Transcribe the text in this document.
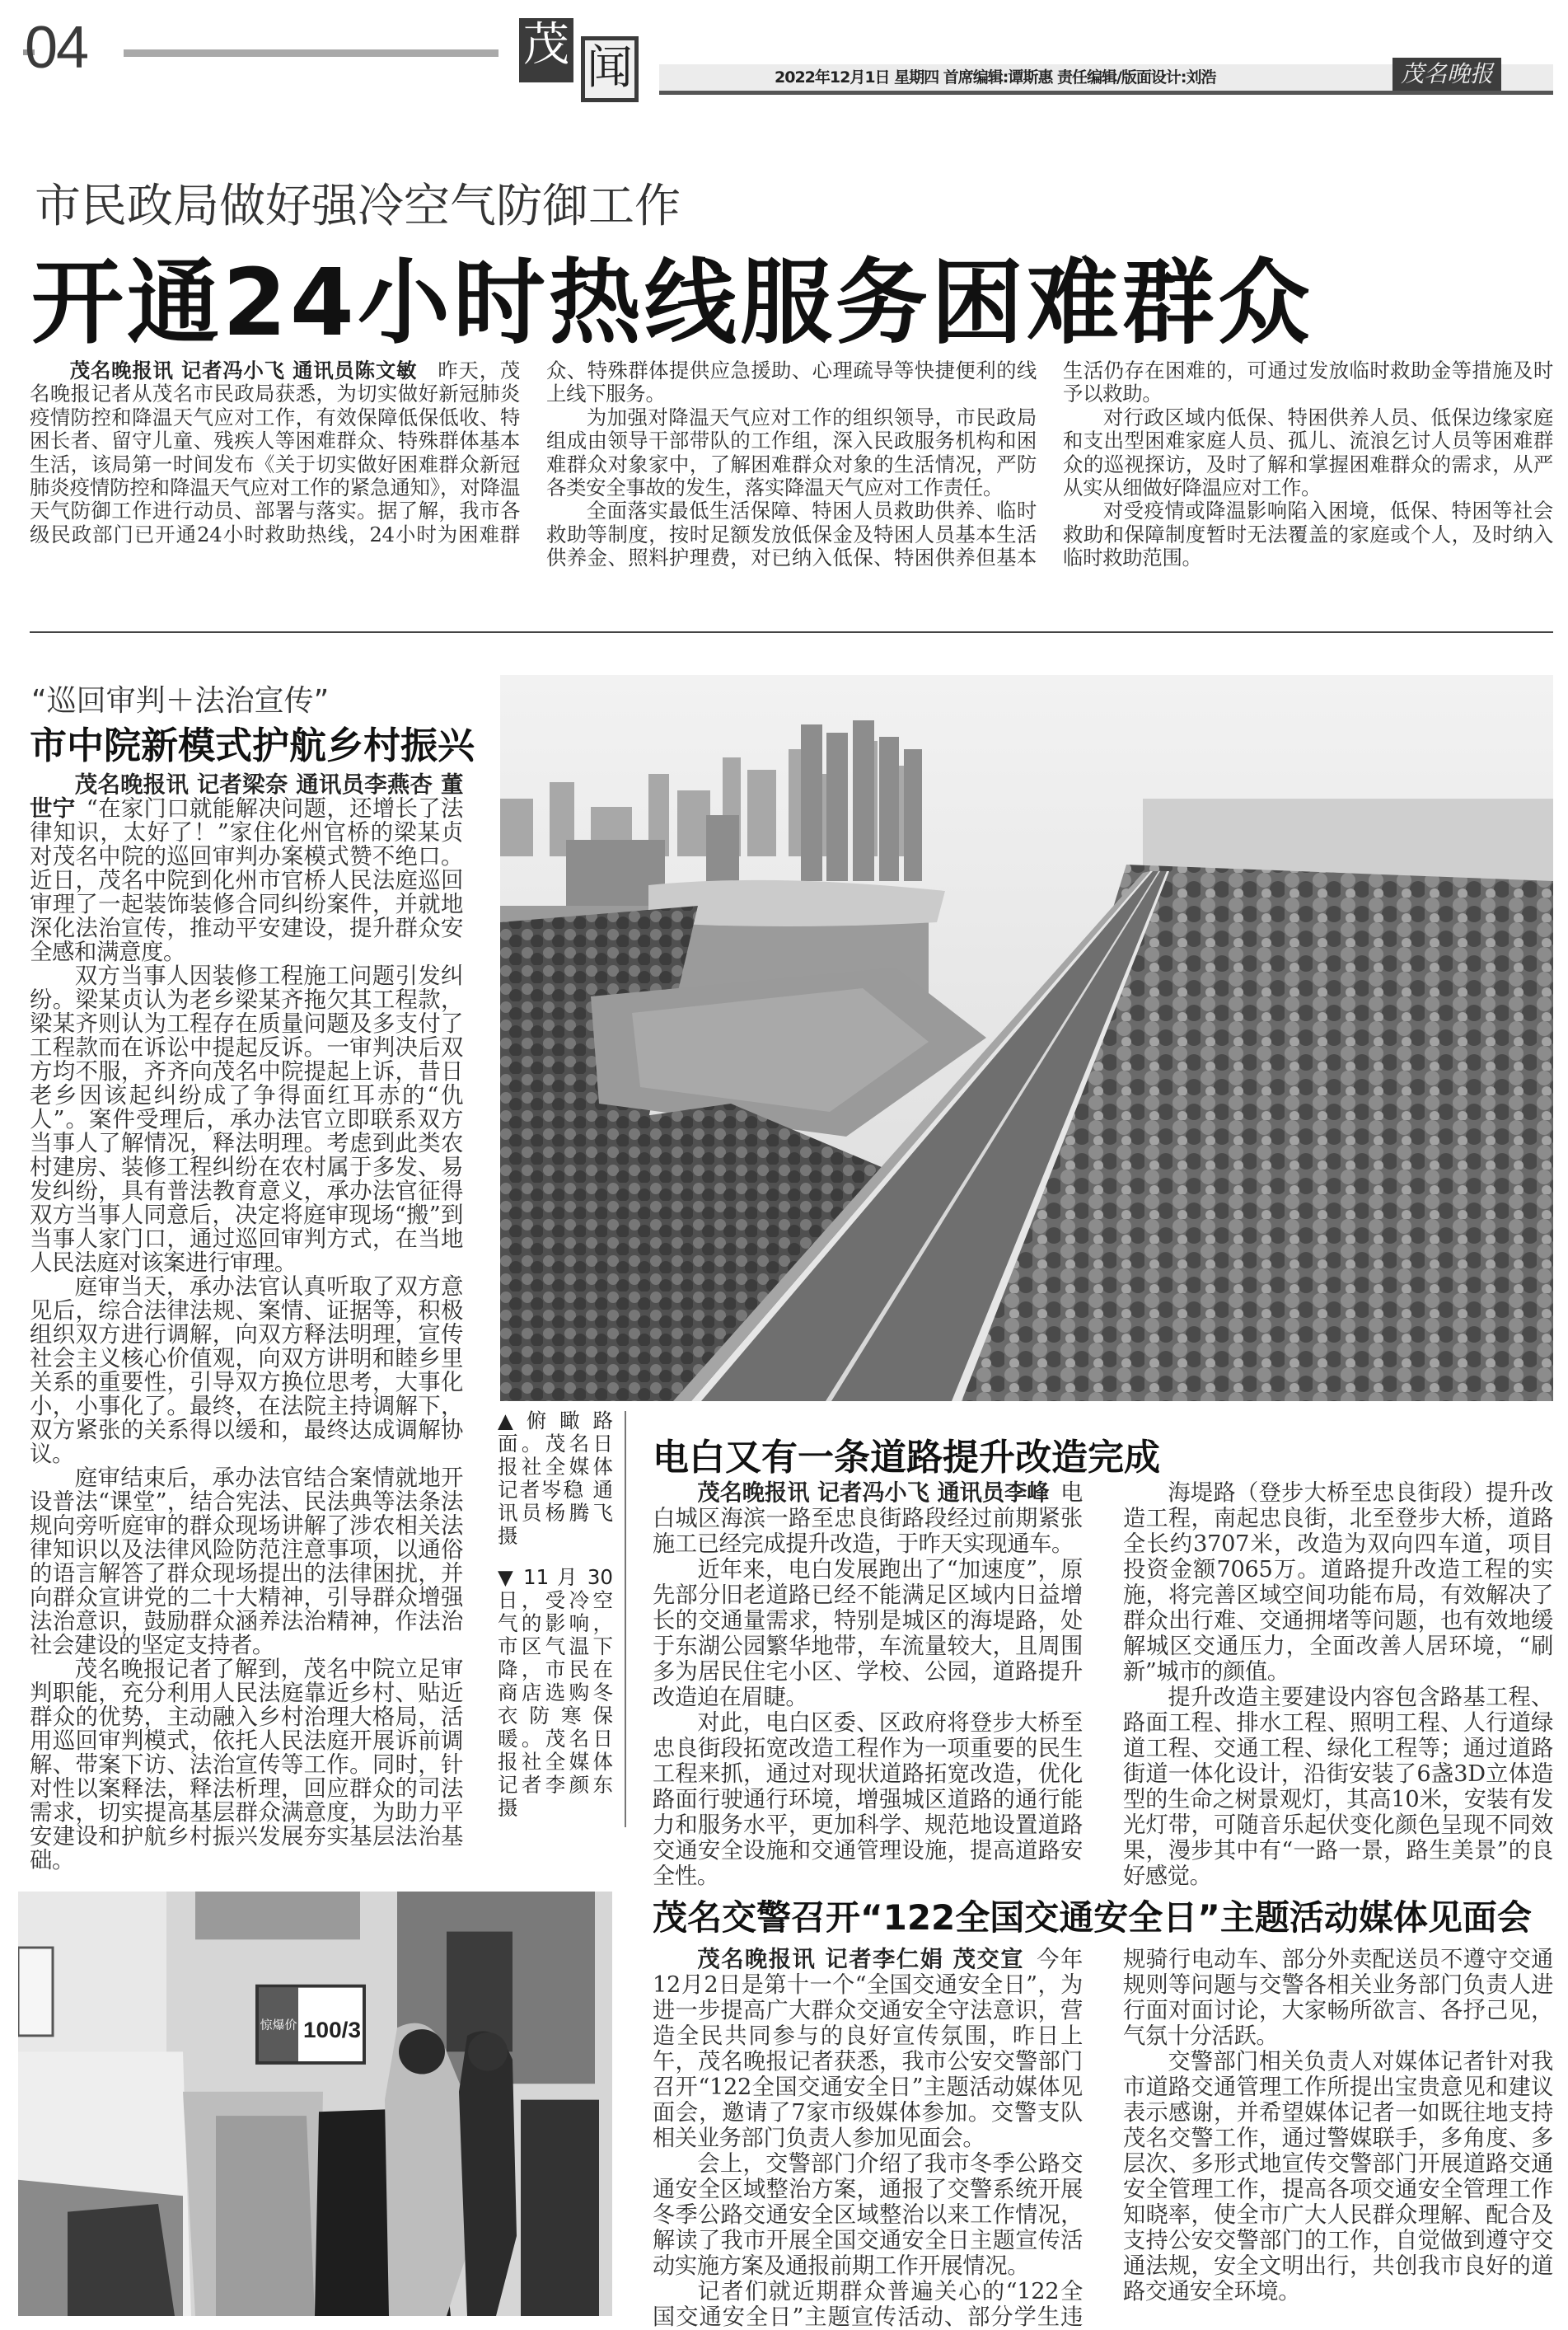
04	茂 闻	2022年12月1日 星期四 首席编辑:谭斯惠 责任编辑/版面设计:刘浩	茂名晚报
市民政局做好强冷空气防御工作
开通24小时热线服务困难群众

茂名晚报讯 记者冯小飞 通讯员陈文敏  昨天，茂名晚报记者从茂名市民政局获悉，为切实做好新冠肺炎疫情防控和降温天气应对工作，有效保障低保低收、特困长者、留守儿童、残疾人等困难群众、特殊群体基本生活，该局第一时间发布《关于切实做好困难群众新冠肺炎疫情防控和降温天气应对工作的紧急通知》，对降温天气防御工作进行动员、部署与落实。据了解，我市各级民政部门已开通24小时救助热线，24小时为困难群众、特殊群体提供应急援助、心理疏导等快捷便利的线上线下服务。

为加强对降温天气应对工作的组织领导，市民政局组成由领导干部带队的工作组，深入民政服务机构和困难群众对象家中，了解困难群众对象的生活情况，严防各类安全事故的发生，落实降温天气应对工作责任。

全面落实最低生活保障、特困人员救助供养、临时救助等制度，按时足额发放低保金及特困人员基本生活供养金、照料护理费，对已纳入低保、特困供养但基本生活仍存在困难的，可通过发放临时救助金等措施及时予以救助。

对行政区域内低保、特困供养人员、低保边缘家庭和支出型困难家庭人员、孤儿、流浪乞讨人员等困难群众的巡视探访，及时了解和掌握困难群众的需求，从严从实从细做好降温应对工作。

对受疫情或降温影响陷入困境，低保、特困等社会救助和保障制度暂时无法覆盖的家庭或个人，及时纳入临时救助范围。

“巡回审判＋法治宣传”
市中院新模式护航乡村振兴

茂名晚报讯 记者梁奈 通讯员李燕杏 董世宁  “在家门口就能解决问题，还增长了法律知识，太好了！”家住化州官桥的梁某贞对茂名中院的巡回审判办案模式赞不绝口。近日，茂名中院到化州市官桥人民法庭巡回审理了一起装饰装修合同纠纷案件，并就地深化法治宣传，推动平安建设，提升群众安全感和满意度。

双方当事人因装修工程施工问题引发纠纷。梁某贞认为老乡梁某齐拖欠其工程款，梁某齐则认为工程存在质量问题及多支付了工程款而在诉讼中提起反诉。一审判决后双方均不服，齐齐向茂名中院提起上诉，昔日老乡因该起纠纷成了争得面红耳赤的“仇人”。案件受理后，承办法官立即联系双方当事人了解情况，释法明理。考虑到此类农村建房、装修工程纠纷在农村属于多发、易发纠纷，具有普法教育意义，承办法官征得双方当事人同意后，决定将庭审现场“搬”到当事人家门口，通过巡回审判方式，在当地人民法庭对该案进行审理。

庭审当天，承办法官认真听取了双方意见后，综合法律法规、案情、证据等，积极组织双方进行调解，向双方释法明理，宣传社会主义核心价值观，向双方讲明和睦乡里关系的重要性，引导双方换位思考，大事化小，小事化了。最终，在法院主持调解下，双方紧张的关系得以缓和，最终达成调解协议。

庭审结束后，承办法官结合案情就地开设普法“课堂”，结合宪法、民法典等法条法规向旁听庭审的群众现场讲解了涉农相关法律知识以及法律风险防范注意事项，以通俗的语言解答了群众现场提出的法律困扰，并向群众宣讲党的二十大精神，引导群众增强法治意识，鼓励群众涵养法治精神，作法治社会建设的坚定支持者。

茂名晚报记者了解到，茂名中院立足审判职能，充分利用人民法庭靠近乡村、贴近群众的优势，主动融入乡村治理大格局，活用巡回审判模式，依托人民法庭开展诉前调解、带案下访、法治宣传等工作。同时，针对性以案释法，释法析理，回应群众的司法需求，切实提高基层群众满意度，为助力平安建设和护航乡村振兴发展夯实基层法治基础。

▲俯瞰路面。茂名日报社全媒体记者岑稳 通讯员杨腾飞 摄
▼ 11 月 30 日，受冷空气的影响，市区气温下降，市民在商店选购冬衣防寒保暖。茂名日报社全媒体记者李颜东 摄
电白又有一条道路提升改造完成

茂名晚报讯 记者冯小飞 通讯员李峰  电白城区海滨一路至忠良街路段经过前期紧张施工已经完成提升改造，于昨天实现通车。

近年来，电白发展跑出了“加速度”，原先部分旧老道路已经不能满足区域内日益增长的交通量需求，特别是城区的海堤路，处于东湖公园繁华地带，车流量较大，且周围多为居民住宅小区、学校、公园，道路提升改造迫在眉睫。

对此，电白区委、区政府将登步大桥至忠良街段拓宽改造工程作为一项重要的民生工程来抓，通过对现状道路拓宽改造，优化路面行驶通行环境，增强城区道路的通行能力和服务水平，更加科学、规范地设置道路交通安全设施和交通管理设施，提高道路安全性。

海堤路（登步大桥至忠良街段）提升改造工程，南起忠良街，北至登步大桥，道路全长约3707米，改造为双向四车道，项目投资金额7065万。道路提升改造工程的实施，将完善区域空间功能布局，有效解决了群众出行难、交通拥堵等问题，也有效地缓解城区交通压力，全面改善人居环境，“刷新”城市的颜值。

提升改造主要建设内容包含路基工程、路面工程、排水工程、照明工程、人行道绿道工程、交通工程、绿化工程等；通过道路街道一体化设计，沿街安装了6盏3D立体造型的生命之树景观灯，其高10米，安装有发光灯带，可随音乐起伏变化颜色呈现不同效果，漫步其中有“一路一景，路生美景”的良好感觉。

惊爆价 100/3
茂名交警召开“122全国交通安全日”主题活动媒体见面会

茂名晚报讯 记者李仁娟 茂交宣  今年12月2日是第十一个“全国交通安全日”，为进一步提高广大群众交通安全守法意识，营造全民共同参与的良好宣传氛围，昨日上午，茂名晚报记者获悉，我市公安交警部门召开“122全国交通安全日”主题活动媒体见面会，邀请了7家市级媒体参加。交警支队相关业务部门负责人参加见面会。

会上，交警部门介绍了我市冬季公路交通安全区域整治方案，通报了交警系统开展冬季公路交通安全区域整治以来工作情况，解读了我市开展全国交通安全日主题宣传活动实施方案及通报前期工作开展情况。

记者们就近期群众普遍关心的“122全国交通安全日”主题宣传活动、部分学生违规骑行电动车、部分外卖配送员不遵守交通规则等问题与交警各相关业务部门负责人进行面对面讨论，大家畅所欲言、各抒己见，气氛十分活跃。

交警部门相关负责人对媒体记者针对我市道路交通管理工作所提出宝贵意见和建议表示感谢，并希望媒体记者一如既往地支持茂名交警工作，通过警媒联手，多角度、多层次、多形式地宣传交警部门开展道路交通安全管理工作，提高各项交通安全管理工作知晓率，使全市广大人民群众理解、配合及支持公安交警部门的工作，自觉做到遵守交通法规，安全文明出行，共创我市良好的道路交通安全环境。
